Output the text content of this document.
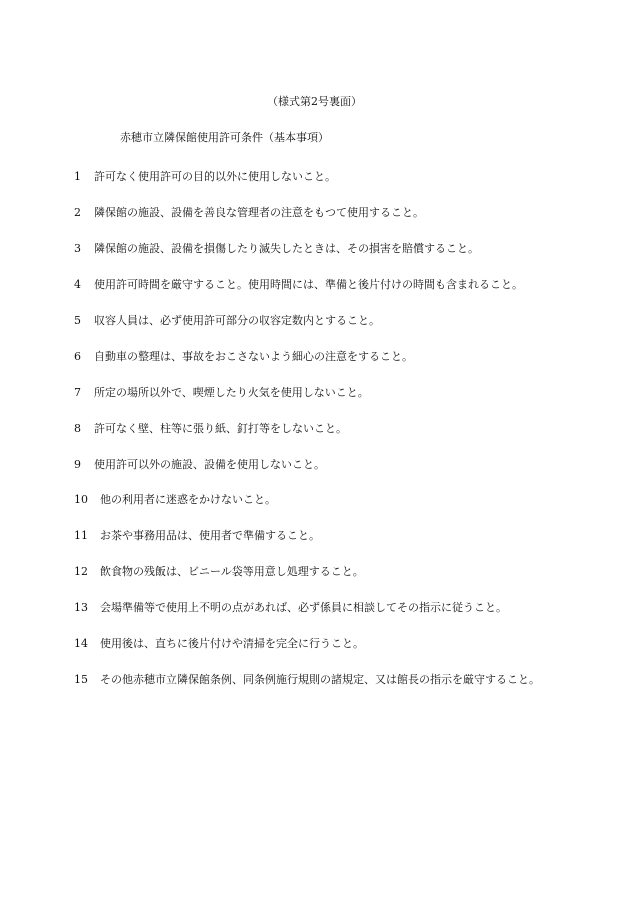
（様式第2号裏面）
赤穂市立隣保館使用許可条件（基本事項）
1 許可なく使用許可の目的以外に使用しないこと。
2 隣保館の施設、設備を善良な管理者の注意をもつて使用すること。
3 隣保館の施設、設備を損傷したり滅失したときは、その損害を賠償すること。
4 使用許可時間を厳守すること。使用時間には、準備と後片付けの時間も含まれること。
5 収容人員は、必ず使用許可部分の収容定数内とすること。
6 自動車の整理は、事故をおこさないよう細心の注意をすること。
7 所定の場所以外で、喫煙したり火気を使用しないこと。
8 許可なく壁、柱等に張り紙、釘打等をしないこと。
9 使用許可以外の施設、設備を使用しないこと。
10 他の利用者に迷惑をかけないこと。
11 お茶や事務用品は、使用者で準備すること。
12 飲食物の残飯は、ビニール袋等用意し処理すること。
13 会場準備等で使用上不明の点があれば、必ず係員に相談してその指示に従うこと。
14 使用後は、直ちに後片付けや清掃を完全に行うこと。
15 その他赤穂市立隣保館条例、同条例施行規則の諸規定、又は館長の指示を厳守すること。
